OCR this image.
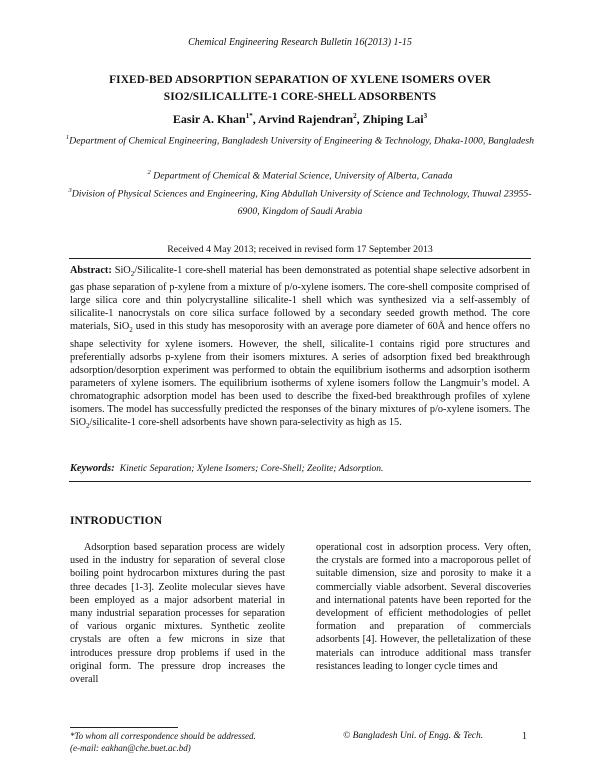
Chemical Engineering Research Bulletin 16(2013) 1-15
FIXED-BED ADSORPTION SEPARATION OF XYLENE ISOMERS OVER
SIO2/SILICALLITE-1 CORE-SHELL ADSORBENTS
Easir A. Khan$^{1*}$, Arvind Rajendran$^2$, Zhiping Lai$^3$
$^1$Department of Chemical Engineering, Bangladesh University of Engineering & Technology, Dhaka-1000, Bangladesh
$^2$ Department of Chemical & Material Science, University of Alberta, Canada
$^3$Division of Physical Sciences and Engineering, King Abdullah University of Science and Technology, Thuwal 23955-6900, Kingdom of Saudi Arabia
Received 4 May 2013; received in revised form 17 September 2013
Abstract: SiO$_2$/Silicalite-1 core-shell material has been demonstrated as potential shape selective adsorbent in gas phase separation of p-xylene from a mixture of p/o-xylene isomers. The core-shell composite comprised of large silica core and thin polycrystalline silicalite-1 shell which was synthesized via a self-assembly of silicalite-1 nanocrystals on core silica surface followed by a secondary seeded growth method. The core materials, SiO$_2$ used in this study has mesoporosity with an average pore diameter of 60Å and hence offers no shape selectivity for xylene isomers. However, the shell, silicalite-1 contains rigid pore structures and preferentially adsorbs p-xylene from their isomers mixtures. A series of adsorption fixed bed breakthrough adsorption/desorption experiment was performed to obtain the equilibrium isotherms and adsorption isotherm parameters of xylene isomers. The equilibrium isotherms of xylene isomers follow the Langmuir’s model. A chromatographic adsorption model has been used to describe the fixed-bed breakthrough profiles of xylene isomers. The model has successfully predicted the responses of the binary mixtures of p/o-xylene isomers. The SiO$_2$/silicalite-1 core-shell adsorbents have shown para-selectivity as high as 15.
Keywords: Kinetic Separation; Xylene Isomers; Core-Shell; Zeolite; Adsorption.
INTRODUCTION

Adsorption based separation process are widely used in the industry for separation of several close boiling point hydrocarbon mixtures during the past three decades [1-3]. Zeolite molecular sieves have been employed as a major adsorbent material in many industrial separation processes for separation of various organic mixtures. Synthetic zeolite crystals are often a few microns in size that introduces pressure drop problems if used in the original form. The pressure drop increases the overall

operational cost in adsorption process. Very often, the crystals are formed into a macroporous pellet of suitable dimension, size and porosity to make it a commercially viable adsorbent. Several discoveries and international patents have been reported for the development of efficient methodologies of pellet formation and preparation of commercials adsorbents [4]. However, the pelletalization of these materials can introduce additional mass transfer resistances leading to longer cycle times and

*To whom all correspondence should be addressed.
(e-mail: eakhan@che.buet.ac.bd)
© Bangladesh Uni. of Engg. & Tech.	1
